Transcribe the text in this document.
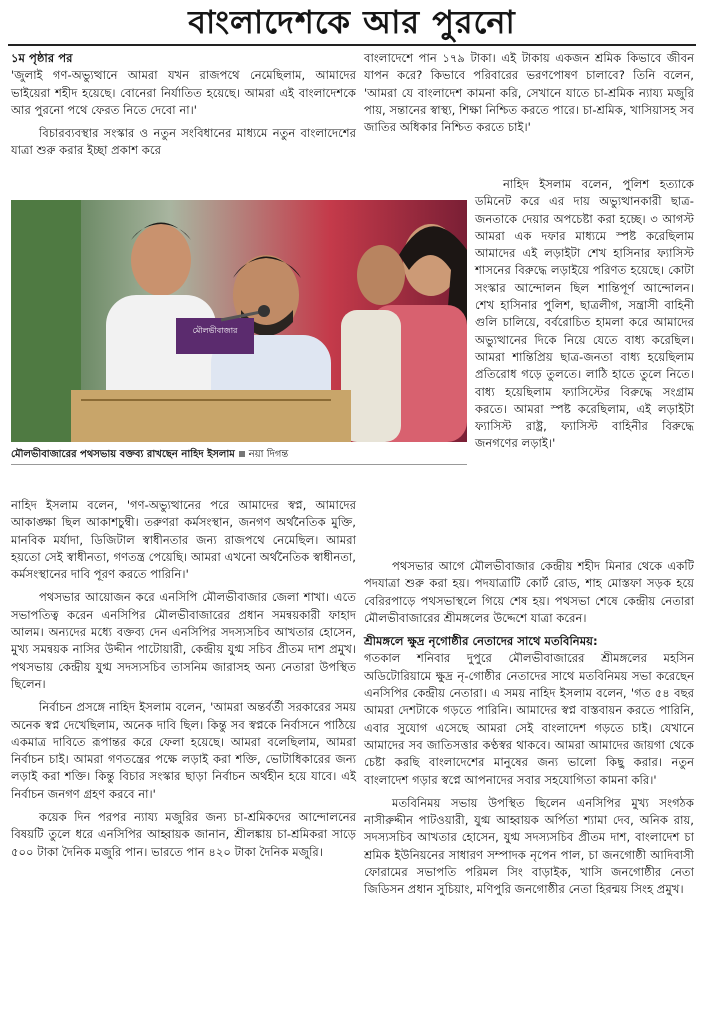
বাংলাদেশকে আর পুরনো
১ম পৃষ্ঠার পর

'জুলাই গণ-অভ্যুত্থানে আমরা যখন রাজপথে নেমেছিলাম, আমাদের ভাইয়েরা শহীদ হয়েছে। বোনেরা নির্যাতিত হয়েছে। আমরা এই বাংলাদেশকে আর পুরনো পথে ফেরত নিতে দেবো না।'

বিচারব্যবস্থার সংস্কার ও নতুন সংবিধানের মাধ্যমে নতুন বাংলাদেশের যাত্রা শুরু করার ইচ্ছা প্রকাশ করে

মৌলভীবাজার
মৌলভীবাজারের পথসভায় বক্তব্য রাখছেন নাহিদ ইসলাম নয়া দিগন্ত

নাহিদ ইসলাম বলেন, 'গণ-অভ্যুত্থানের পরে আমাদের স্বপ্ন, আমাদের আকাঙ্ক্ষা ছিল আকাশচুম্বী। তরুণরা কর্মসংস্থান, জনগণ অর্থনৈতিক মুক্তি, মানবিক মর্যাদা, ডিজিটাল স্বাধীনতার জন্য রাজপথে নেমেছিল। আমরা হয়তো সেই স্বাধীনতা, গণতন্ত্র পেয়েছি। আমরা এখনো অর্থনৈতিক স্বাধীনতা, কর্মসংস্থানের দাবি পূরণ করতে পারিনি।'

পথসভার আয়োজন করে এনসিপি মৌলভীবাজার জেলা শাখা। এতে সভাপতিত্ব করেন এনসিপির মৌলভীবাজারের প্রধান সমন্বয়কারী ফাহাদ আলম। অন্যদের মধ্যে বক্তব্য দেন এনসিপির সদস্যসচিব আখতার হোসেন, মুখ্য সমন্বয়ক নাসির উদ্দীন পাটোয়ারী, কেন্দ্রীয় যুগ্ম সচিব প্রীতম দাশ প্রমুখ। পথসভায় কেন্দ্রীয় যুগ্ম সদস্যসচিব তাসনিম জারাসহ অন্য নেতারা উপস্থিত ছিলেন।

নির্বাচন প্রসঙ্গে নাহিদ ইসলাম বলেন, 'আমরা অন্তর্বর্তী সরকারের সময় অনেক স্বপ্ন দেখেছিলাম, অনেক দাবি ছিল। কিন্তু সব স্বপ্নকে নির্বাসনে পাঠিয়ে একমাত্র দাবিতে রূপান্তর করে ফেলা হয়েছে। আমরা বলেছিলাম, আমরা নির্বাচন চাই। আমরা গণতন্ত্রের পক্ষে লড়াই করা শক্তি, ভোটাধিকারের জন্য লড়াই করা শক্তি। কিন্তু বিচার সংস্কার ছাড়া নির্বাচন অর্থহীন হয়ে যাবে। এই নির্বাচন জনগণ গ্রহণ করবে না।'

কয়েক দিন পরপর ন্যায্য মজুরির জন্য চা-শ্রমিকদের আন্দোলনের বিষয়টি তুলে ধরে এনসিপির আহ্বায়ক জানান, শ্রীলঙ্কায় চা-শ্রমিকরা সাড়ে ৫০০ টাকা দৈনিক মজুরি পান। ভারতে পান ৪২০ টাকা দৈনিক মজুরি।

বাংলাদেশে পান ১৭৯ টাকা। এই টাকায় একজন শ্রমিক কিভাবে জীবন যাপন করে? কিভাবে পরিবারের ভরণপোষণ চালাবে? তিনি বলেন, 'আমরা যে বাংলাদেশ কামনা করি, সেখানে যাতে চা-শ্রমিক ন্যায্য মজুরি পায়, সন্তানের স্বাস্থ্য, শিক্ষা নিশ্চিত করতে পারে। চা-শ্রমিক, খাসিয়াসহ সব জাতির অধিকার নিশ্চিত করতে চাই।'

নাহিদ ইসলাম বলেন, পুলিশ হত্যাকে ডমিনেট করে এর দায় অভ্যুত্থানকারী ছাত্র-জনতাকে দেয়ার অপচেষ্টা করা হচ্ছে। ৩ আগস্ট আমরা এক দফার মাধ্যমে স্পষ্ট করেছিলাম আমাদের এই লড়াইটা শেখ হাসিনার ফ্যাসিস্ট শাসনের বিরুদ্ধে লড়াইয়ে পরিণত হয়েছে। কোটা সংস্কার আন্দোলন ছিল শান্তিপূর্ণ আন্দোলন। শেখ হাসিনার পুলিশ, ছাত্রলীগ, সন্ত্রাসী বাহিনী গুলি চালিয়ে, বর্বরোচিত হামলা করে আমাদের অভ্যুত্থানের দিকে নিয়ে যেতে বাধ্য করেছিল। আমরা শান্তিপ্রিয় ছাত্র-জনতা বাধ্য হয়েছিলাম প্রতিরোধ গড়ে তুলতে। লাঠি হাতে তুলে নিতে। বাধ্য হয়েছিলাম ফ্যাসিস্টের বিরুদ্ধে সংগ্রাম করতে। আমরা স্পষ্ট করেছিলাম, এই লড়াইটা ফ্যাসিস্ট রাষ্ট্র, ফ্যাসিস্ট বাহিনীর বিরুদ্ধে জনগণের লড়াই।'

পথসভার আগে মৌলভীবাজার কেন্দ্রীয় শহীদ মিনার থেকে একটি পদযাত্রা শুরু করা হয়। পদযাত্রাটি কোর্ট রোড, শাহ মোস্তফা সড়ক হয়ে বেরিরপাড়ে পথসভাস্থলে গিয়ে শেষ হয়। পথসভা শেষে কেন্দ্রীয় নেতারা মৌলভীবাজারের শ্রীমঙ্গলের উদ্দেশে যাত্রা করেন।

শ্রীমঙ্গলে ক্ষুদ্র নৃগোষ্ঠীর নেতাদের সাথে মতবিনিময়:

গতকাল শনিবার দুপুরে মৌলভীবাজারের শ্রীমঙ্গলের মহসিন অডিটোরিয়ামে ক্ষুদ্র নৃ-গোষ্ঠীর নেতাদের সাথে মতবিনিময় সভা করেছেন এনসিপির কেন্দ্রীয় নেতারা। এ সময় নাহিদ ইসলাম বলেন, 'গত ৫৪ বছর আমরা দেশটাকে গড়তে পারিনি। আমাদের স্বপ্ন বাস্তবায়ন করতে পারিনি, এবার সুযোগ এসেছে আমরা সেই বাংলাদেশ গড়তে চাই। যেখানে আমাদের সব জাতিসত্তার কণ্ঠস্বর থাকবে। আমরা আমাদের জায়গা থেকে চেষ্টা করছি বাংলাদেশের মানুষের জন্য ভালো কিছু করার। নতুন বাংলাদেশ গড়ার স্বপ্নে আপনাদের সবার সহযোগিতা কামনা করি।'

মতবিনিময় সভায় উপস্থিত ছিলেন এনসিপির মুখ্য সংগঠক নাসীরুদ্দীন পাটওয়ারী, যুগ্ম আহ্বায়ক অর্পিতা শ্যামা দেব, অনিক রায়, সদস্যসচিব আখতার হোসেন, যুগ্ম সদস্যসচিব প্রীতম দাশ, বাংলাদেশ চা শ্রমিক ইউনিয়নের সাধারণ সম্পাদক নৃপেন পাল, চা জনগোষ্ঠী আদিবাসী ফোরামের সভাপতি পরিমল সিং বাড়াইক, খাসি জনগোষ্ঠীর নেতা জিডিসন প্রধান সুচিয়াং, মণিপুরি জনগোষ্ঠীর নেতা হিরন্ময় সিংহ প্রমুখ।
